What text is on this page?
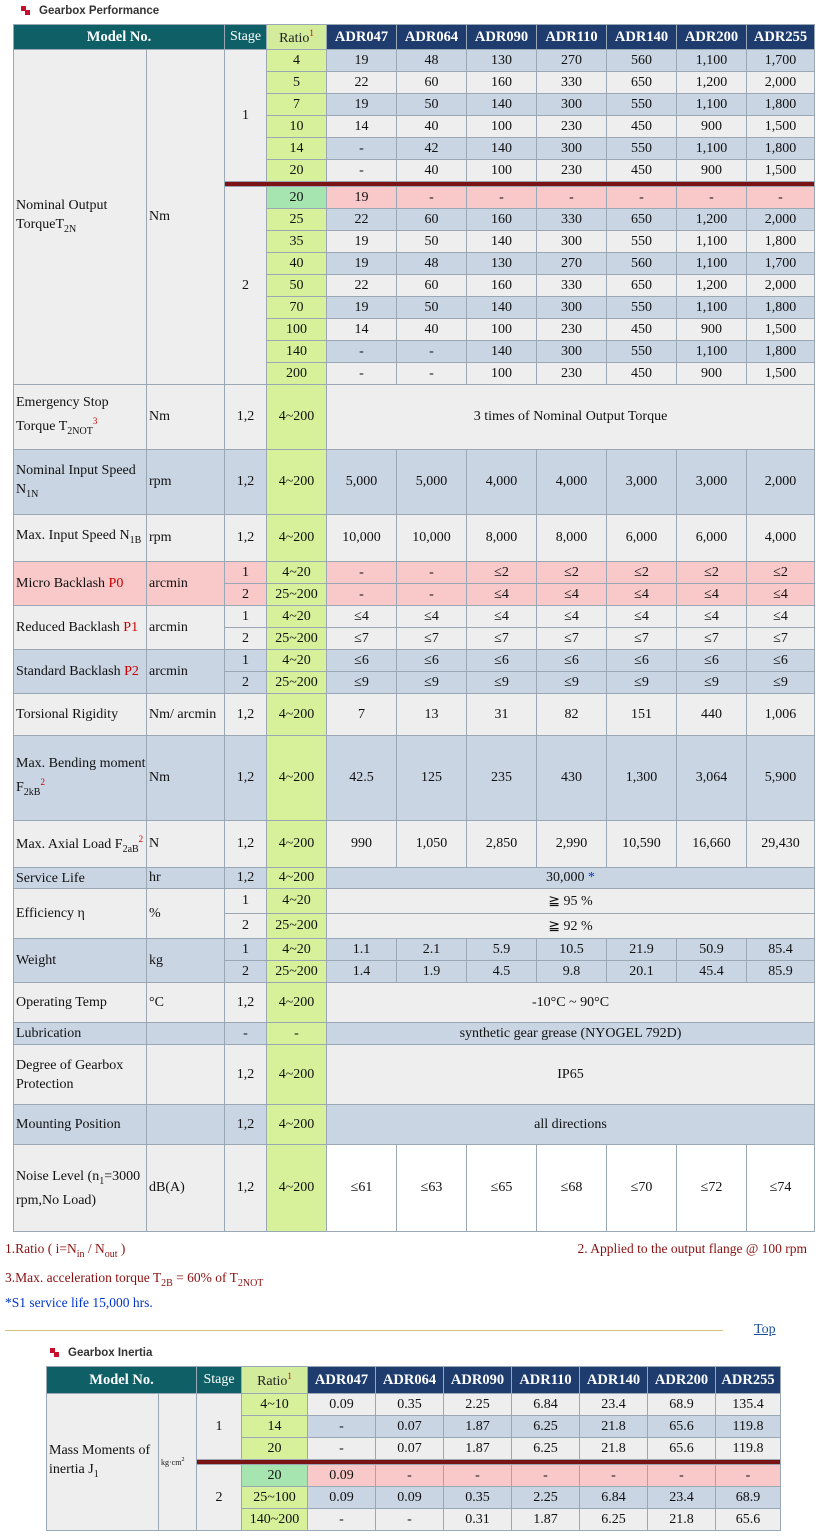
Gearbox Performance
Model No.		Stage	Ratio$^1$	ADR047	ADR064	ADR090	ADR110	ADR140	ADR200	ADR255
Nominal Output TorqueT$_{2N}$	Nm	1	4	19	48	130	270	560	1,100	1,700
			5	22	60	160	330	650	1,200	2,000
			7	19	50	140	300	550	1,100	1,800
			10	14	40	100	230	450	900	1,500
			14	-	42	140	300	550	1,100	1,800
			20	-	40	100	230	450	900	1,500

		2	20	19	-	-	-	-	-	-
			25	22	60	160	330	650	1,200	2,000
			35	19	50	140	300	550	1,100	1,800
			40	19	48	130	270	560	1,100	1,700
			50	22	60	160	330	650	1,200	2,000
			70	19	50	140	300	550	1,100	1,800
			100	14	40	100	230	450	900	1,500
			140	-	-	140	300	550	1,100	1,800
			200	-	-	100	230	450	900	1,500
Emergency Stop Torque $T_{2NOT}^3$	Nm	1,2	4~200	3 times of Nominal Output Torque						
Nominal Input Speed $N_{1N}$	rpm	1,2	4~200	5,000	5,000	4,000	4,000	3,000	3,000	2,000
Max. Input Speed $N_{1B}$	rpm	1,2	4~200	10,000	10,000	8,000	8,000	6,000	6,000	4,000
Micro Backlash P0	arcmin	1	4~20	-	-	≤2	≤2	≤2	≤2	≤2
		2	25~200	-	-	≤4	≤4	≤4	≤4	≤4
Reduced Backlash P1	arcmin	1	4~20	≤4	≤4	≤4	≤4	≤4	≤4	≤4
		2	25~200	≤7	≤7	≤7	≤7	≤7	≤7	≤7
Standard Backlash P2	arcmin	1	4~20	≤6	≤6	≤6	≤6	≤6	≤6	≤6
		2	25~200	≤9	≤9	≤9	≤9	≤9	≤9	≤9
Torsional Rigidity	Nm/ arcmin	1,2	4~200	7	13	31	82	151	440	1,006
Max. Bending moment $F_{2kB}^2$	Nm	1,2	4~200	42.5	125	235	430	1,300	3,064	5,900
Max. Axial Load $F_{2aB}^2$	N	1,2	4~200	990	1,050	2,850	2,990	10,590	16,660	29,430
Service Life	hr	1,2	4~200	30,000 *						
Efficiency η	%	1	4~20	≧ 95 %						
		2	25~200	≧ 92 %						
Weight	kg	1	4~20	1.1	2.1	5.9	10.5	21.9	50.9	85.4
		2	25~200	1.4	1.9	4.5	9.8	20.1	45.4	85.9
Operating Temp	°C	1,2	4~200	-10°C ~ 90°C						
Lubrication		-	-	synthetic gear grease (NYOGEL 792D)						
Degree of Gearbox Protection		1,2	4~200	IP65						
Mounting Position		1,2	4~200	all directions						
Noise Level ($n_1=3000$ rpm,No Load)	dB(A)	1,2	4~200	≤61	≤63	≤65	≤68	≤70	≤72	≤74
1.Ratio ( $i=N_{in} / N_{out}$ )	2. Applied to the output flange @ 100 rpm
3.Max. acceleration torque $T_{2B} = 60\%$ of $T_{2NOT}$
*S1 service life 15,000 hrs.
Top
Gearbox Inertia
Model No.		Stage	Ratio$^1$	ADR047	ADR064	ADR090	ADR110	ADR140	ADR200	ADR255
Mass Moments of inertia $J_1$	$kg\cdot cm^2$	1	4~10	0.09	0.35	2.25	6.84	23.4	68.9	135.4
			14	-	0.07	1.87	6.25	21.8	65.6	119.8
			20	-	0.07	1.87	6.25	21.8	65.6	119.8

		2	20	0.09	-	-	-	-	-	-
			25~100	0.09	0.09	0.35	2.25	6.84	23.4	68.9
			140~200	-	-	0.31	1.87	6.25	21.8	65.6
